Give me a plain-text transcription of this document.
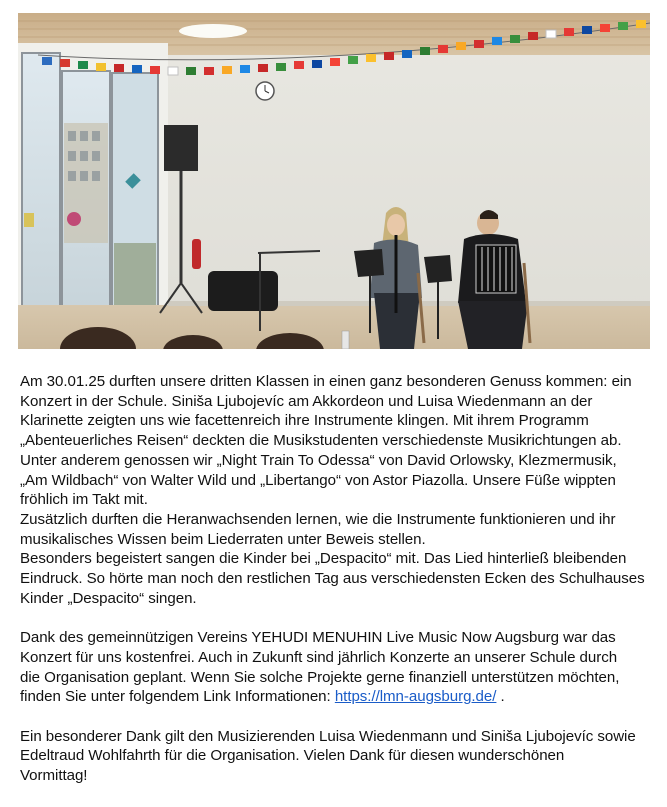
Am 30.01.25 durften unsere dritten Klassen in einen ganz besonderen Genuss kommen: ein
Konzert in der Schule. Siniša Ljubojevíc am Akkordeon und Luisa Wiedenmann an der
Klarinette zeigten uns wie facettenreich ihre Instrumente klingen. Mit ihrem Programm
„Abenteuerliches Reisen“ deckten die Musikstudenten verschiedenste Musikrichtungen ab.
Unter anderem genossen wir „Night Train To Odessa“ von David Orlowsky, Klezmermusik,
„Am Wildbach“ von Walter Wild und „Libertango“ von Astor Piazolla. Unsere Füße wippten
fröhlich im Takt mit.

Zusätzlich durften die Heranwachsenden lernen, wie die Instrumente funktionieren und ihr
musikalisches Wissen beim Liederraten unter Beweis stellen.

Besonders begeistert sangen die Kinder bei „Despacito“ mit. Das Lied hinterließ bleibenden
Eindruck. So hörte man noch den restlichen Tag aus verschiedensten Ecken des Schulhauses
Kinder „Despacito“ singen.

Dank des gemeinnützigen Vereins YEHUDI MENUHIN Live Music Now Augsburg war das
Konzert für uns kostenfrei. Auch in Zukunft sind jährlich Konzerte an unserer Schule durch
die Organisation geplant. Wenn Sie solche Projekte gerne finanziell unterstützen möchten,
finden Sie unter folgendem Link Informationen: https://lmn-augsburg.de/ .

Ein besonderer Dank gilt den Musizierenden Luisa Wiedenmann und Siniša Ljubojevíc sowie
Edeltraud Wohlfahrth für die Organisation. Vielen Dank für diesen wunderschönen
Vormittag!
